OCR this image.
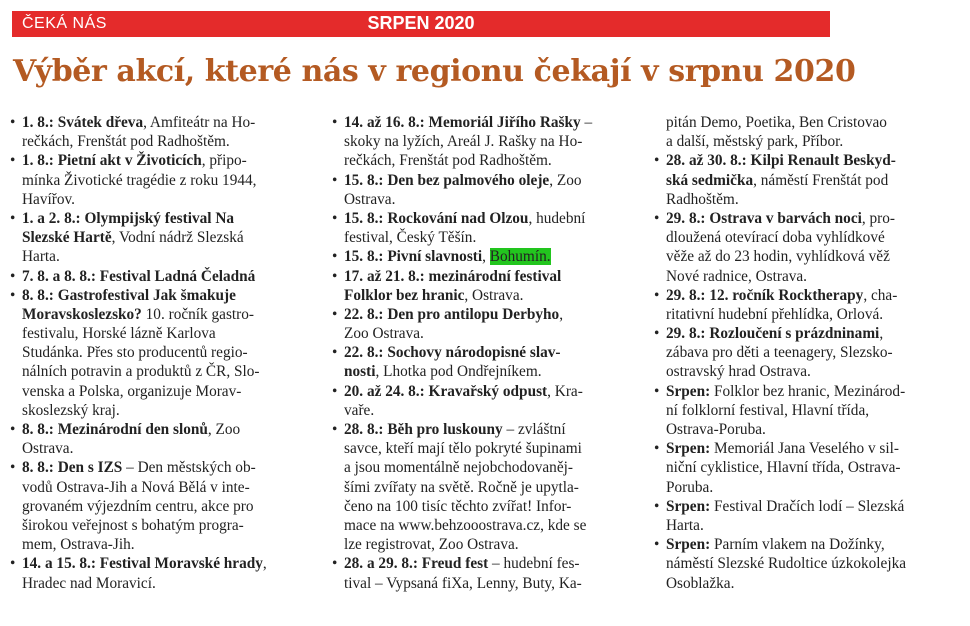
ČEKÁ NÁS	SRPEN 2020
Výběr akcí, které nás v regionu čekají v srpnu 2020
• 1. 8.: Svátek dřeva, Amfiteátr na Ho-
rečkách, Frenštát pod Radhoštěm.
• 1. 8.: Pietní akt v Životicích, připo-
mínka Životické tragédie z roku 1944,
Havířov.
• 1. a 2. 8.: Olympijský festival Na
Slezské Hartě, Vodní nádrž Slezská
Harta.
• 7. 8. a 8. 8.: Festival Ladná Čeladná
• 8. 8.: Gastrofestival Jak šmakuje
Moravskoslezsko? 10. ročník gastro-
festivalu, Horské lázně Karlova
Studánka. Přes sto producentů regio-
nálních potravin a produktů z ČR, Slo-
venska a Polska, organizuje Morav-
skoslezský kraj.
• 8. 8.: Mezinárodní den slonů, Zoo
Ostrava.
• 8. 8.: Den s IZS – Den městských ob-
vodů Ostrava-Jih a Nová Bělá v inte-
grovaném výjezdním centru, akce pro
širokou veřejnost s bohatým progra-
mem, Ostrava-Jih.
• 14. a 15. 8.: Festival Moravské hrady,
Hradec nad Moravicí.
• 14. až 16. 8.: Memoriál Jiřího Rašky –
skoky na lyžích, Areál J. Rašky na Ho-
rečkách, Frenštát pod Radhoštěm.
• 15. 8.: Den bez palmového oleje, Zoo
Ostrava.
• 15. 8.: Rockování nad Olzou, hudební
festival, Český Těšín.
• 15. 8.: Pivní slavnosti, Bohumín.
• 17. až 21. 8.: mezinárodní festival
Folklor bez hranic, Ostrava.
• 22. 8.: Den pro antilopu Derbyho,
Zoo Ostrava.
• 22. 8.: Sochovy národopisné slav-
nosti, Lhotka pod Ondřejníkem.
• 20. až 24. 8.: Kravařský odpust, Kra-
vaře.
• 28. 8.: Běh pro luskouny – zvláštní
savce, kteří mají tělo pokryté šupinami
a jsou momentálně nejobchodovaněj-
šími zvířaty na světě. Ročně je upytla-
čeno na 100 tisíc těchto zvířat! Infor-
mace na www.behzooostrava.cz, kde se
lze registrovat, Zoo Ostrava.
• 28. a 29. 8.: Freud fest – hudební fes-
tival – Vypsaná fiXa, Lenny, Buty, Ka-
pitán Demo, Poetika, Ben Cristovao
a další, městský park, Příbor.
• 28. až 30. 8.: Kilpi Renault Beskyd-
ská sedmička, náměstí Frenštát pod
Radhoštěm.
• 29. 8.: Ostrava v barvách noci, pro-
dloužená otevírací doba vyhlídkové
věže až do 23 hodin, vyhlídková věž
Nové radnice, Ostrava.
• 29. 8.: 12. ročník Rocktherapy, cha-
ritativní hudební přehlídka, Orlová.
• 29. 8.: Rozloučení s prázdninami,
zábava pro děti a teenagery, Slezsko-
ostravský hrad Ostrava.
• Srpen: Folklor bez hranic, Mezinárod-
ní folklorní festival, Hlavní třída,
Ostrava-Poruba.
• Srpen: Memoriál Jana Veselého v sil-
niční cyklistice, Hlavní třída, Ostrava-
Poruba.
• Srpen: Festival Dračích lodí – Slezská
Harta.
• Srpen: Parním vlakem na Dožínky,
náměstí Slezské Rudoltice úzkokolejka
Osoblažka.
